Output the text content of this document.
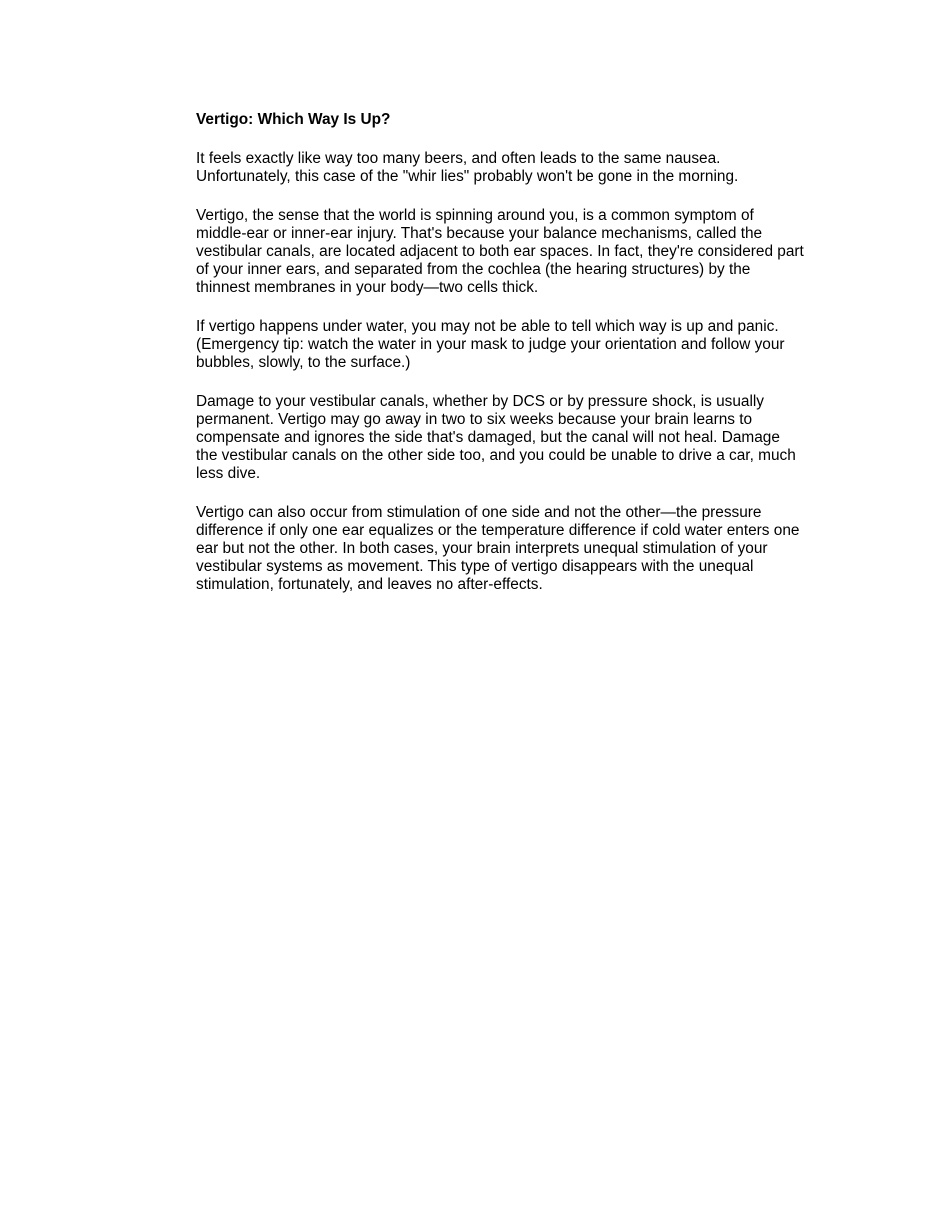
Vertigo: Which Way Is Up?
It feels exactly like way too many beers, and often leads to the same nausea.
Unfortunately, this case of the "whir lies" probably won't be gone in the morning.
Vertigo, the sense that the world is spinning around you, is a common symptom of
middle-ear or inner-ear injury. That's because your balance mechanisms, called the
vestibular canals, are located adjacent to both ear spaces. In fact, they're considered part
of your inner ears, and separated from the cochlea (the hearing structures) by the
thinnest membranes in your body—two cells thick.
If vertigo happens under water, you may not be able to tell which way is up and panic.
(Emergency tip: watch the water in your mask to judge your orientation and follow your
bubbles, slowly, to the surface.)
Damage to your vestibular canals, whether by DCS or by pressure shock, is usually
permanent. Vertigo may go away in two to six weeks because your brain learns to
compensate and ignores the side that's damaged, but the canal will not heal. Damage
the vestibular canals on the other side too, and you could be unable to drive a car, much
less dive.
Vertigo can also occur from stimulation of one side and not the other—the pressure
difference if only one ear equalizes or the temperature difference if cold water enters one
ear but not the other. In both cases, your brain interprets unequal stimulation of your
vestibular systems as movement. This type of vertigo disappears with the unequal
stimulation, fortunately, and leaves no after-effects.
